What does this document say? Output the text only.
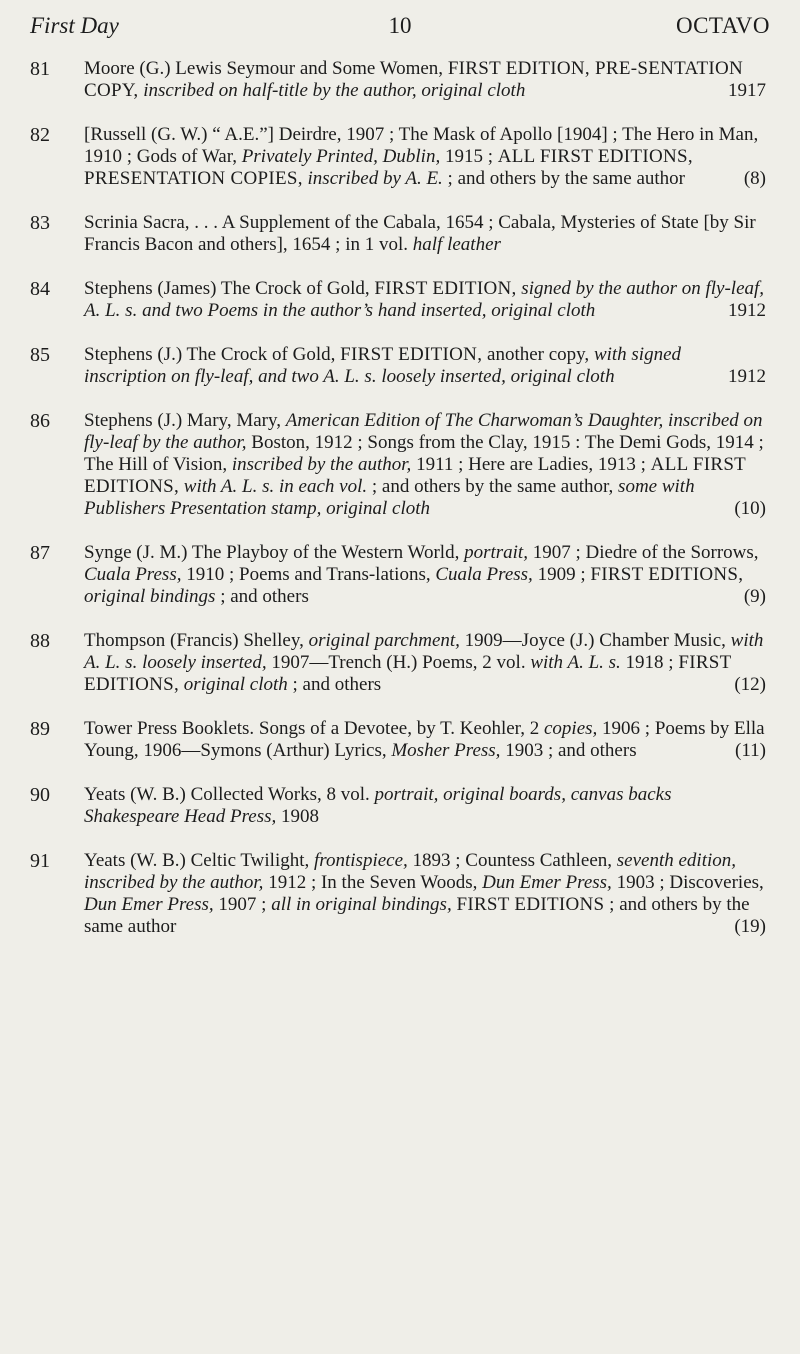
First Day	10	OCTAVO
81	Moore (G.) Lewis Seymour and Some Women, FIRST EDITION, PRE-SENTATION COPY, inscribed on half-title by the author, original cloth	1917

82	[Russell (G. W.) “ A.E.”] Deirdre, 1907 ; The Mask of Apollo [1904] ; The Hero in Man, 1910 ; Gods of War, Privately Printed, Dublin, 1915 ; ALL FIRST EDITIONS, PRESENTATION COPIES, inscribed by A. E. ; and others by the same author	(8)

83	Scrinia Sacra, . . . A Supplement of the Cabala, 1654 ; Cabala, Mysteries of State [by Sir Francis Bacon and others], 1654 ; in 1 vol. half leather

84	Stephens (James) The Crock of Gold, FIRST EDITION, signed by the author on fly-leaf, A. L. s. and two Poems in the author’s hand inserted, original cloth	1912

85	Stephens (J.) The Crock of Gold, FIRST EDITION, another copy, with signed inscription on fly-leaf, and two A. L. s. loosely inserted, original cloth	1912

86	Stephens (J.) Mary, Mary, American Edition of The Charwoman’s Daughter, inscribed on fly-leaf by the author, Boston, 1912 ; Songs from the Clay, 1915 : The Demi Gods, 1914 ; The Hill of Vision, inscribed by the author, 1911 ; Here are Ladies, 1913 ; ALL FIRST EDITIONS, with A. L. s. in each vol. ; and others by the same author, some with Publishers Presentation stamp, original cloth	(10)

87	Synge (J. M.) The Playboy of the Western World, portrait, 1907 ; Diedre of the Sorrows, Cuala Press, 1910 ; Poems and Trans-lations, Cuala Press, 1909 ; FIRST EDITIONS, original bindings ; and others	(9)

88	Thompson (Francis) Shelley, original parchment, 1909—Joyce (J.) Chamber Music, with A. L. s. loosely inserted, 1907—Trench (H.) Poems, 2 vol. with A. L. s. 1918 ; FIRST EDITIONS, original cloth ; and others	(12)

89	Tower Press Booklets. Songs of a Devotee, by T. Keohler, 2 copies, 1906 ; Poems by Ella Young, 1906—Symons (Arthur) Lyrics, Mosher Press, 1903 ; and others	(11)

90	Yeats (W. B.) Collected Works, 8 vol. portrait, original boards, canvas backs Shakespeare Head Press, 1908

91	Yeats (W. B.) Celtic Twilight, frontispiece, 1893 ; Countess Cathleen, seventh edition, inscribed by the author, 1912 ; In the Seven Woods, Dun Emer Press, 1903 ; Discoveries, Dun Emer Press, 1907 ; all in original bindings, FIRST EDITIONS ; and others by the same author	(19)
